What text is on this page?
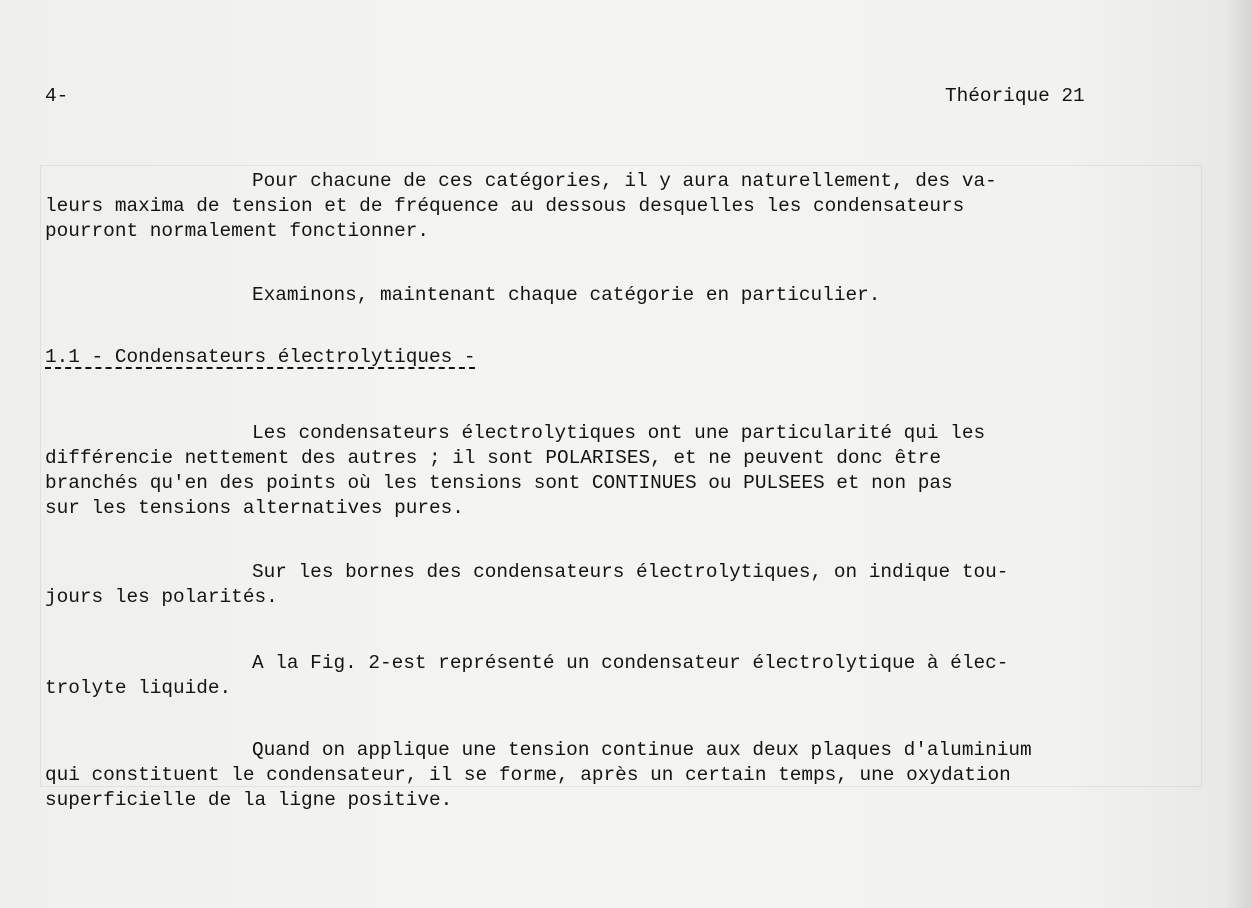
4-	Théorique 21
Pour chacune de ces catégories, il y aura naturellement, des va-
leurs maxima de tension et de fréquence au dessous desquelles les condensateurs
pourront normalement fonctionner.
Examinons, maintenant chaque catégorie en particulier.
1.1 - Condensateurs électrolytiques -
Les condensateurs électrolytiques ont une particularité qui les
différencie nettement des autres ; il sont POLARISES, et ne peuvent donc être
branchés qu'en des points où les tensions sont CONTINUES ou PULSEES et non pas
sur les tensions alternatives pures.
Sur les bornes des condensateurs électrolytiques, on indique tou-
jours les polarités.
A la Fig. 2-est représenté un condensateur électrolytique à élec-
trolyte liquide.
Quand on applique une tension continue aux deux plaques d'aluminium
qui constituent le condensateur, il se forme, après un certain temps, une oxydation
superficielle de la ligne positive.
